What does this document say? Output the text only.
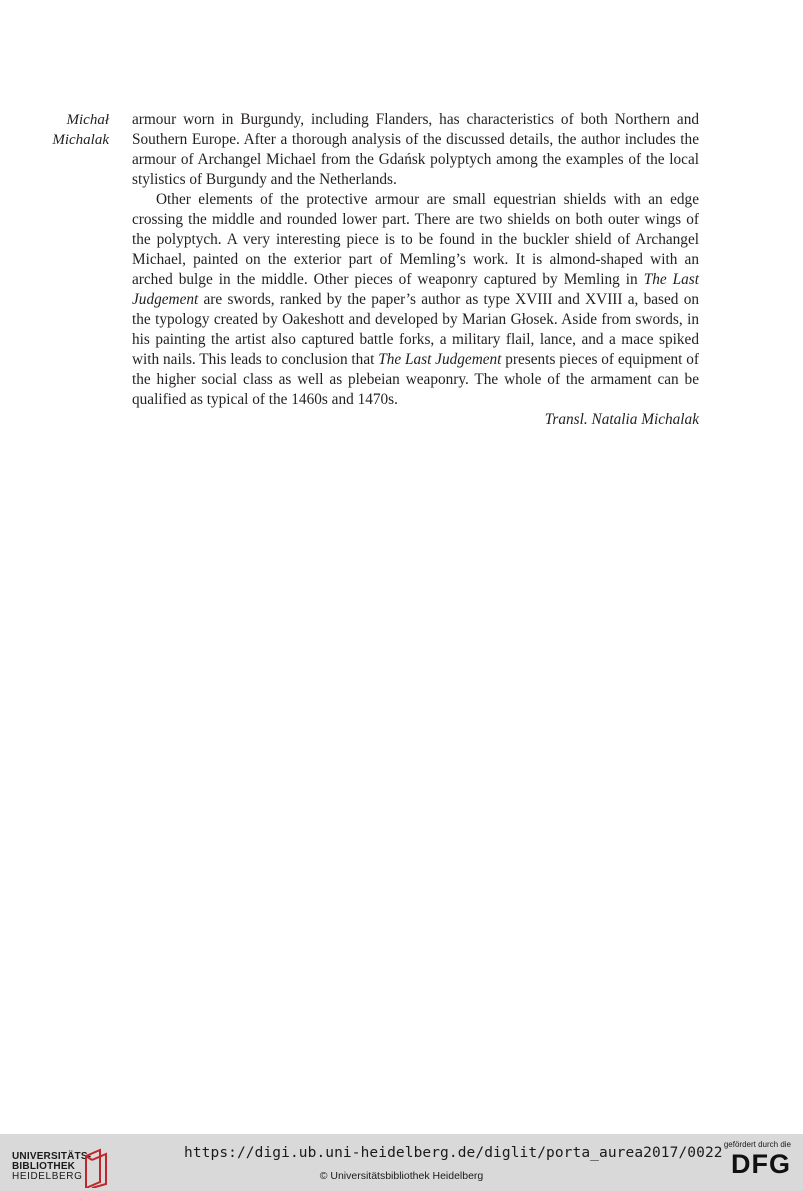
Michał
Michalak

armour worn in Burgundy, including Flanders, has characteristics of both Northern and Southern Europe. After a thorough analysis of the discussed details, the author includes the armour of Archangel Michael from the Gdańsk polyptych among the examples of the local stylistics of Burgundy and the Netherlands.

Other elements of the protective armour are small equestrian shields with an edge crossing the middle and rounded lower part. There are two shields on both outer wings of the polyptych. A very interesting piece is to be found in the buckler shield of Archangel Michael, painted on the exterior part of Memling’s work. It is almond-shaped with an arched bulge in the middle. Other pieces of weaponry captured by Memling in The Last Judgement are swords, ranked by the paper’s author as type XVIII and XVIII a, based on the typology created by Oakeshott and developed by Marian Głosek. Aside from swords, in his painting the artist also captured battle forks, a military flail, lance, and a mace spiked with nails. This leads to conclusion that The Last Judgement presents pieces of equipment of the higher social class as well as plebeian weaponry. The whole of the armament can be qualified as typical of the 1460s and 1470s.

Transl. Natalia Michalak

UNIVERSITÄTS-
BIBLIOTHEK
HEIDELBERG
https://digi.ub.uni-heidelberg.de/diglit/porta_aurea2017/0022
© Universitätsbibliothek Heidelberg
gefördert durch die
DFG
